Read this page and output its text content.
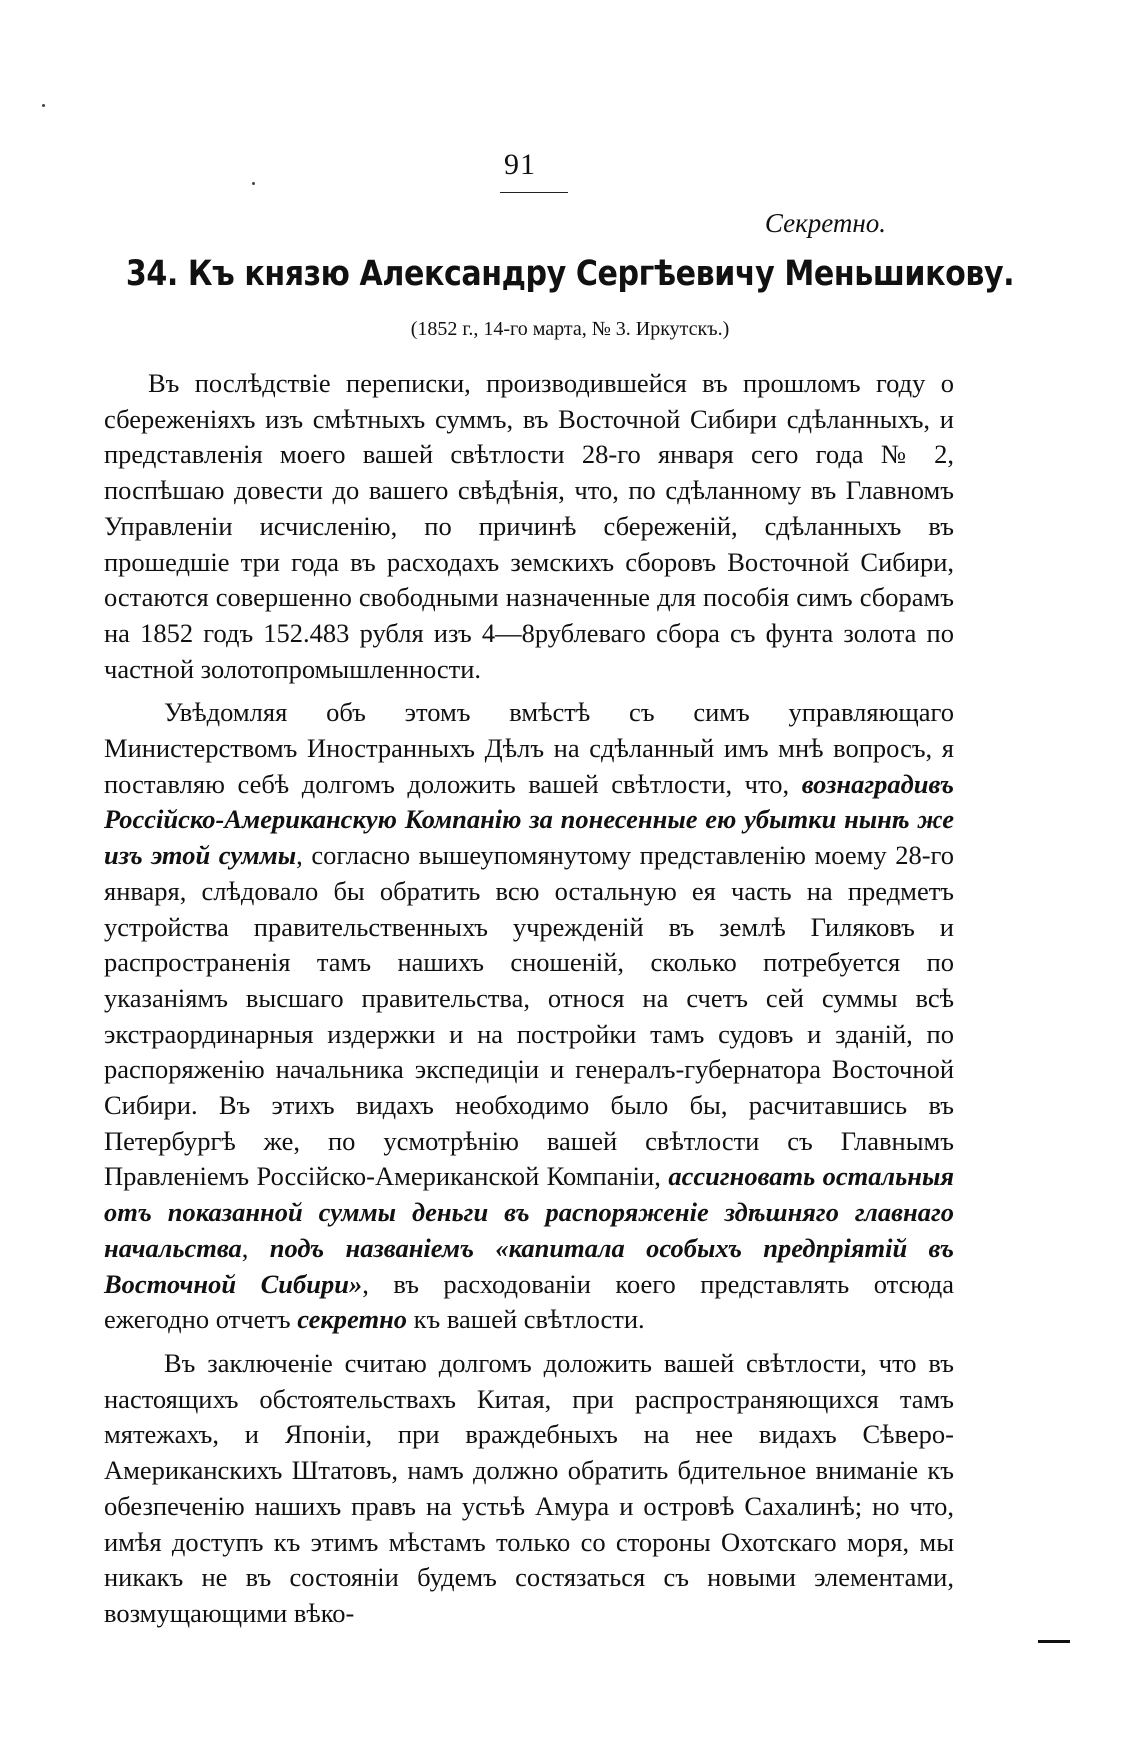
91
Секретно.
34. Къ князю Александру Сергѣевичу Меньшикову.
(1852 г., 14-го марта, № 3. Иркутскъ.)

Въ послѣдствіе переписки, производившейся въ прошломъ году о сбереженіяхъ изъ смѣтныхъ суммъ, въ Восточной Сибири сдѣланныхъ, и представленія моего вашей свѣтлости 28-го января сего года № 2, поспѣшаю довести до вашего свѣдѣнія, что, по сдѣланному въ Главномъ Управленіи исчисленію, по причинѣ сбереженій, сдѣланныхъ въ прошедшіе три года въ расходахъ земскихъ сборовъ Восточной Сибири, остаются совершенно свободными назначенные для пособія симъ сборамъ на 1852 годъ 152.483 рубля изъ 4—8рублеваго сбора съ фунта золота по частной золотопромышленности.

Увѣдомляя объ этомъ вмѣстѣ съ симъ управляющаго Министерствомъ Иностранныхъ Дѣлъ на сдѣланный имъ мнѣ вопросъ, я поставляю себѣ долгомъ доложить вашей свѣтлости, что, вознаградивъ Россійско-Американскую Компанію за понесенные ею убытки нынѣ же изъ этой суммы, согласно вышеупомянутому представленію моему 28-го января, слѣдовало бы обратить всю остальную ея часть на предметъ устройства правительственныхъ учрежденій въ землѣ Гиляковъ и распространенія тамъ нашихъ сношеній, сколько потребуется по указаніямъ высшаго правительства, относя на счетъ сей суммы всѣ экстраординарныя издержки и на постройки тамъ судовъ и зданій, по распоряженію начальника экспедиціи и генералъ-губернатора Восточной Сибири. Въ этихъ видахъ необходимо было бы, расчитавшись въ Петербургѣ же, по усмотрѣнію вашей свѣтлости съ Главнымъ Правленіемъ Россійско-Американской Компаніи, ассигновать остальныя отъ показанной суммы деньги въ распоряженіе здѣшняго главнаго начальства, подъ названіемъ «капитала особыхъ предпріятій въ Восточной Сибири», въ расходованіи коего представлять отсюда ежегодно отчетъ секретно къ вашей свѣтлости.

Въ заключеніе считаю долгомъ доложить вашей свѣтлости, что въ настоящихъ обстоятельствахъ Китая, при распространяющихся тамъ мятежахъ, и Японіи, при враждебныхъ на нее видахъ Сѣверо-Американскихъ Штатовъ, намъ должно обратить бдительное вниманіе къ обезпеченію нашихъ правъ на устьѣ Амура и островѣ Сахалинѣ; но что, имѣя доступъ къ этимъ мѣстамъ только со стороны Охотскаго моря, мы никакъ не въ состояніи будемъ состязаться съ новыми элементами, возмущающими вѣко-
